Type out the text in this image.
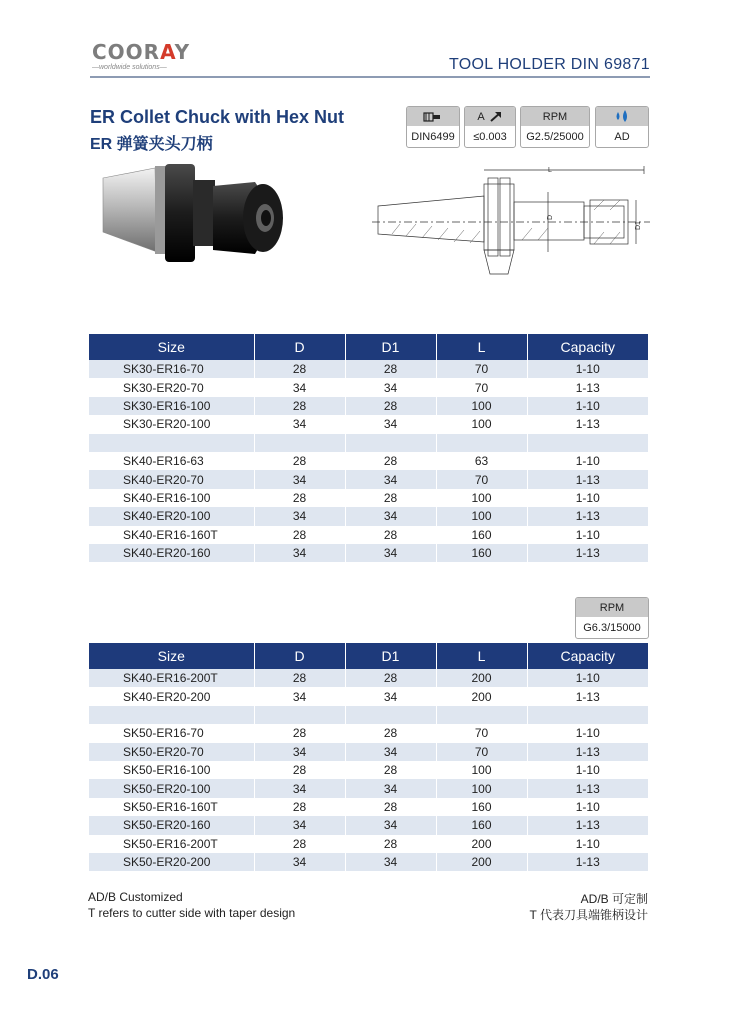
COORAY
—worldwide solutions—	TOOL HOLDER DIN 69871
ER Collet Chuck with Hex Nut
ER 弹簧夹头刀柄	DIN6499
A
≤0.003
RPM
G2.5/25000	AD
L
D
D1
Size	D	D1	L	Capacity
SK30-ER16-70	28	28	70	1-10
SK30-ER20-70	34	34	70	1-13
SK30-ER16-100	28	28	100	1-10
SK30-ER20-100	34	34	100	1-13

SK40-ER16-63	28	28	63	1-10
SK40-ER20-70	34	34	70	1-13
SK40-ER16-100	28	28	100	1-10
SK40-ER20-100	34	34	100	1-13
SK40-ER16-160T	28	28	160	1-10
SK40-ER20-160	34	34	160	1-13
RPM
G6.3/15000
Size	D	D1	L	Capacity
SK40-ER16-200T	28	28	200	1-10
SK40-ER20-200	34	34	200	1-13

SK50-ER16-70	28	28	70	1-10
SK50-ER20-70	34	34	70	1-13
SK50-ER16-100	28	28	100	1-10
SK50-ER20-100	34	34	100	1-13
SK50-ER16-160T	28	28	160	1-10
SK50-ER20-160	34	34	160	1-13
SK50-ER16-200T	28	28	200	1-10
SK50-ER20-200	34	34	200	1-13
AD/B Customized
T refers to cutter side with taper design
AD/B 可定制
T 代表刀具端锥柄设计
D.06
